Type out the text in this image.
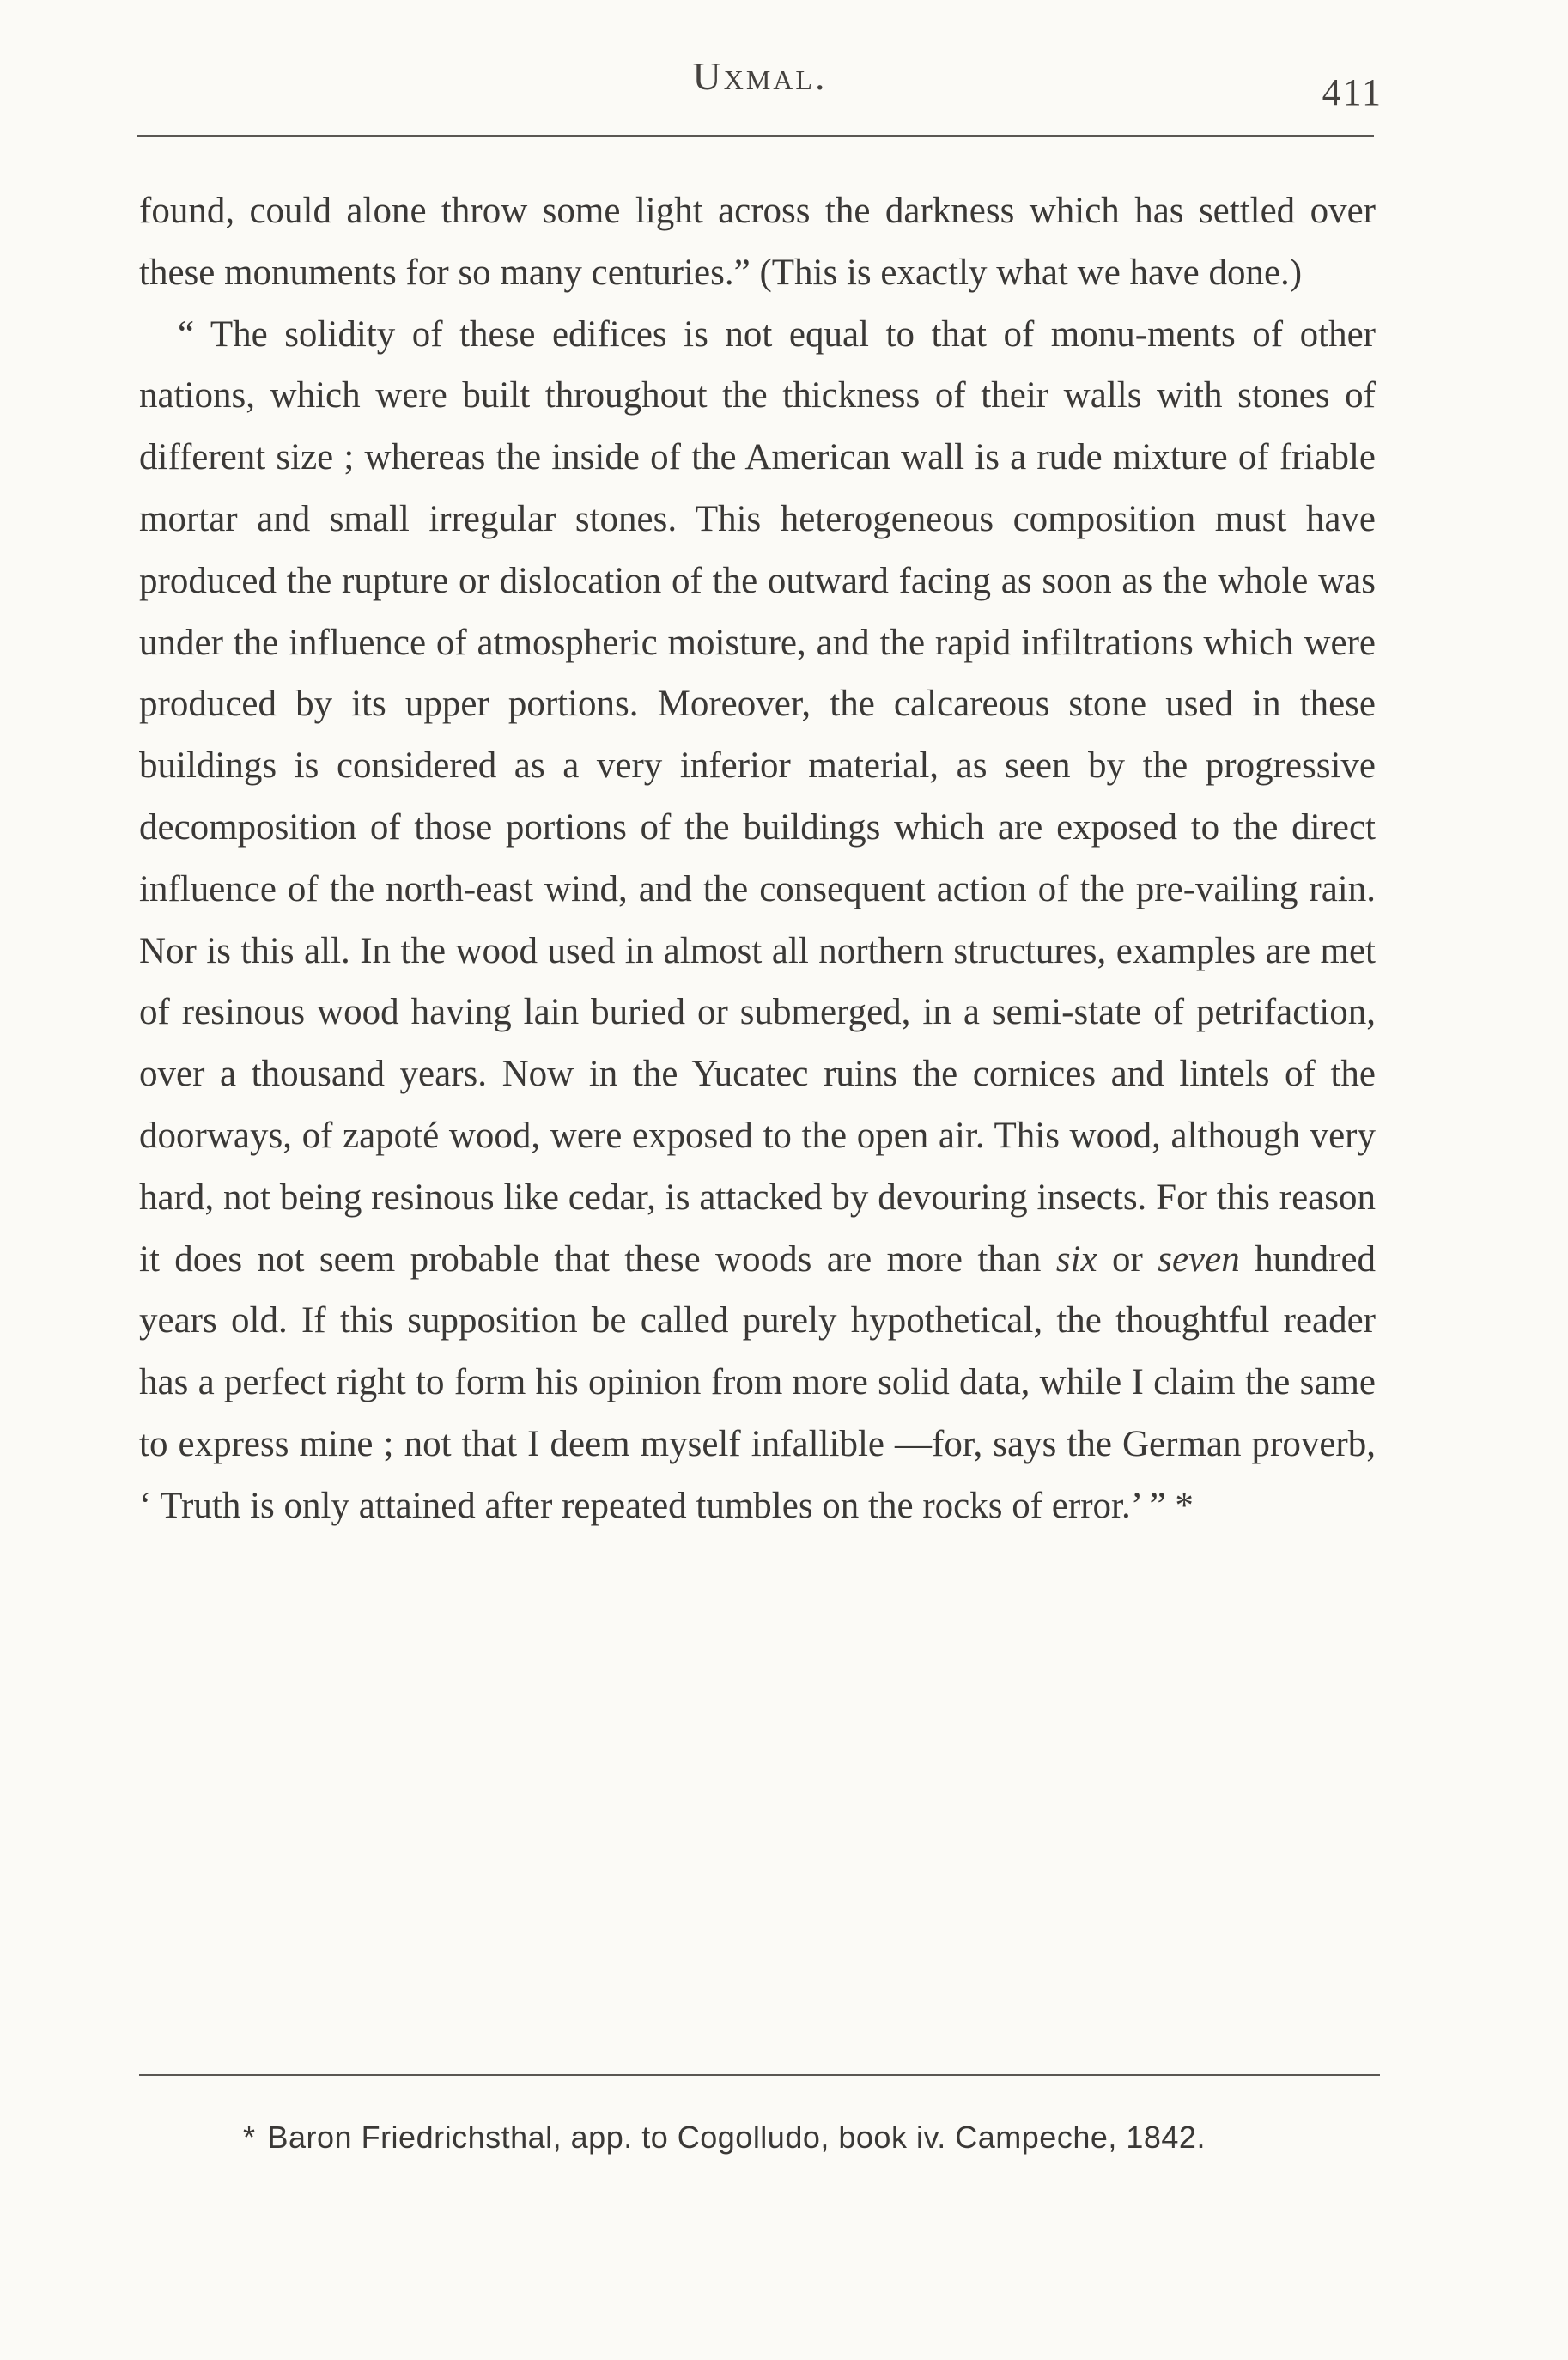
Uxmal.	411

found, could alone throw some light across the darkness which has settled over these monuments for so many centuries.” (This is exactly what we have done.)

“ The solidity of these edifices is not equal to that of monu-ments of other nations, which were built throughout the thickness of their walls with stones of different size ; whereas the inside of the American wall is a rude mixture of friable mortar and small irregular stones. This heterogeneous composition must have produced the rupture or dislocation of the outward facing as soon as the whole was under the influence of atmospheric moisture, and the rapid infiltrations which were produced by its upper portions. Moreover, the calcareous stone used in these buildings is considered as a very inferior material, as seen by the progressive decomposition of those portions of the buildings which are exposed to the direct influence of the north-east wind, and the consequent action of the pre-vailing rain. Nor is this all. In the wood used in almost all northern structures, examples are met of resinous wood having lain buried or submerged, in a semi-state of petrifaction, over a thousand years. Now in the Yucatec ruins the cornices and lintels of the doorways, of zapoté wood, were exposed to the open air. This wood, although very hard, not being resinous like cedar, is attacked by devouring insects. For this reason it does not seem probable that these woods are more than six or seven hundred years old. If this supposition be called purely hypothetical, the thoughtful reader has a perfect right to form his opinion from more solid data, while I claim the same to express mine ; not that I deem myself infallible —for, says the German proverb, ‘ Truth is only attained after repeated tumbles on the rocks of error.’ ” *

* Baron Friedrichsthal, app. to Cogolludo, book iv. Campeche, 1842.
